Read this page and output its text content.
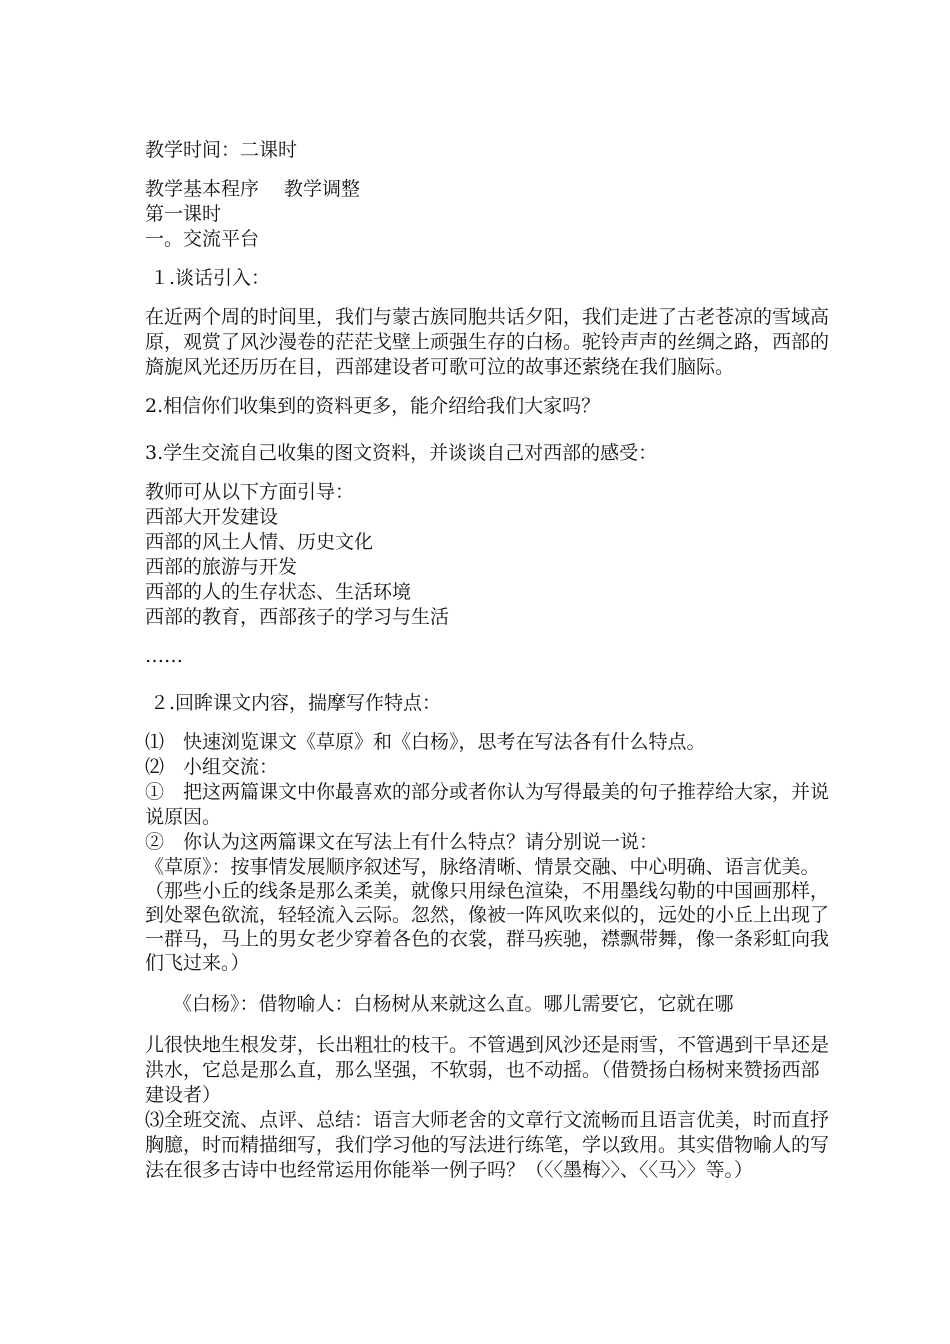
教学时间：二课时

教学基本程序　 教学调整

第一课时

一。交流平台

１.谈话引入：

在近两个周的时间里，我们与蒙古族同胞共话夕阳，我们走进了古老苍凉的雪域高原，观赏了风沙漫卷的茫茫戈壁上顽强生存的白杨。驼铃声声的丝绸之路，西部的旖旎风光还历历在目，西部建设者可歌可泣的故事还萦绕在我们脑际。

2.相信你们收集到的资料更多，能介绍给我们大家吗？

3.学生交流自己收集的图文资料，并谈谈自己对西部的感受：

教师可从以下方面引导：

西部大开发建设

西部的风土人情、历史文化

西部的旅游与开发

西部的人的生存状态、生活环境

西部的教育，西部孩子的学习与生活

……

２.回眸课文内容，揣摩写作特点：

⑴　快速浏览课文《草原》和《白杨》，思考在写法各有什么特点。

⑵　小组交流：

①　把这两篇课文中你最喜欢的部分或者你认为写得最美的句子推荐给大家，并说说原因。

②　你认为这两篇课文在写法上有什么特点？请分别说一说：

《草原》：按事情发展顺序叙述写，脉络清晰、情景交融、中心明确、语言优美。（那些小丘的线条是那么柔美，就像只用绿色渲染，不用墨线勾勒的中国画那样，到处翠色欲流，轻轻流入云际。忽然，像被一阵风吹来似的，远处的小丘上出现了一群马，马上的男女老少穿着各色的衣裳，群马疾驰，襟飘带舞，像一条彩虹向我们飞过来。）

《白杨》：借物喻人：白杨树从来就这么直。哪儿需要它，它就在哪

儿很快地生根发芽，长出粗壮的枝干。不管遇到风沙还是雨雪，不管遇到干旱还是洪水，它总是那么直，那么坚强，不软弱，也不动摇。（借赞扬白杨树来赞扬西部建设者）

⑶全班交流、点评、总结：语言大师老舍的文章行文流畅而且语言优美，时而直抒胸臆，时而精描细写，我们学习他的写法进行练笔，学以致用。其实借物喻人的写法在很多古诗中也经常运用你能举一例子吗？（〈〈墨梅〉〉、〈〈马〉〉等。）
